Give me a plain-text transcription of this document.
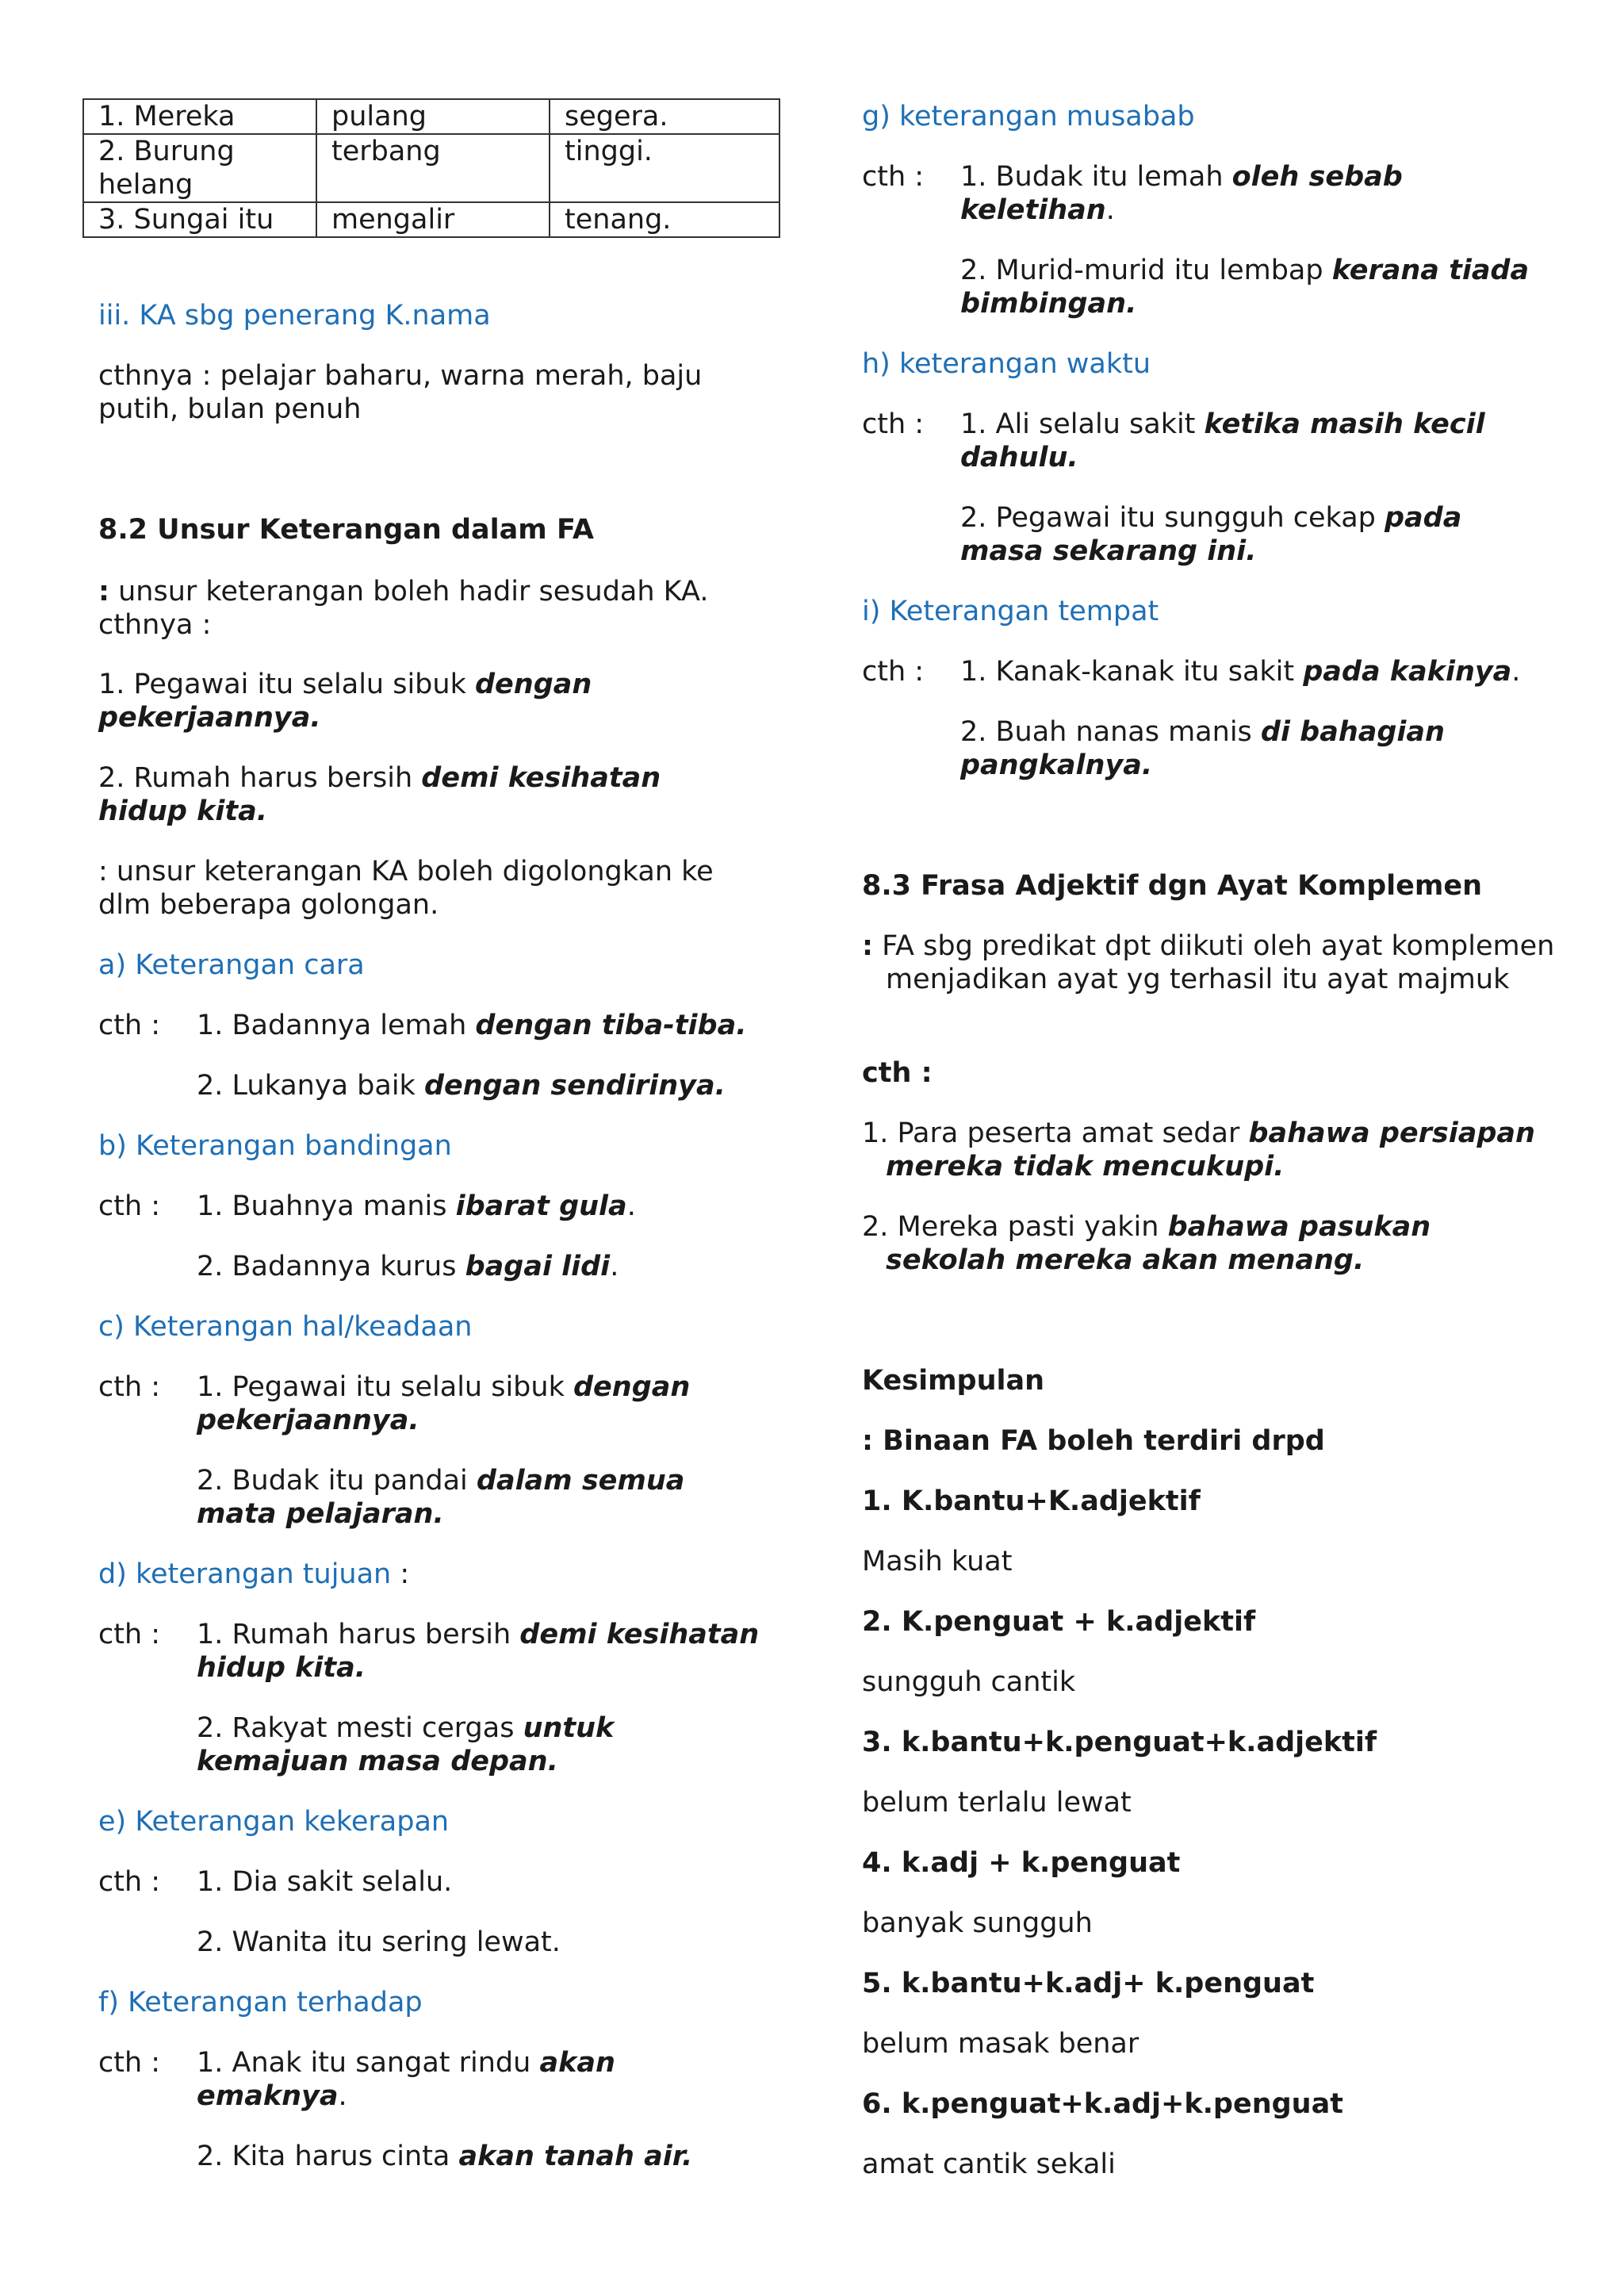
1. Mereka	pulang	segera.
2. Burung helang	terbang	tinggi.
3. Sungai itu	mengalir	tenang.

iii. KA sbg penerang K.nama

cthnya : pelajar baharu, warna merah, baju putih, bulan penuh

8.2 Unsur Keterangan dalam FA

: unsur keterangan boleh hadir sesudah KA. cthnya :

1. Pegawai itu selalu sibuk dengan pekerjaannya.

2. Rumah harus bersih demi kesihatan hidup kita.

: unsur keterangan KA boleh digolongkan ke dlm beberapa golongan.

a) Keterangan cara

cth : 1. Badannya lemah dengan tiba-tiba.
2. Lukanya baik dengan sendirinya.

b) Keterangan bandingan

cth : 1. Buahnya manis ibarat gula.
2. Badannya kurus bagai lidi.

c) Keterangan hal/keadaan

cth : 1. Pegawai itu selalu sibuk dengan pekerjaannya.
2. Budak itu pandai dalam semua mata pelajaran.

d) keterangan tujuan :

cth : 1. Rumah harus bersih demi kesihatan hidup kita.
2. Rakyat mesti cergas untuk kemajuan masa depan.

e) Keterangan kekerapan

cth : 1. Dia sakit selalu.
2. Wanita itu sering lewat.

f) Keterangan terhadap

cth : 1. Anak itu sangat rindu akan emaknya.
2. Kita harus cinta akan tanah air.

g) keterangan musabab

cth : 1. Budak itu lemah oleh sebab keletihan.
2. Murid-murid itu lembap kerana tiada bimbingan.

h) keterangan waktu

cth : 1. Ali selalu sakit ketika masih kecil dahulu.
2. Pegawai itu sungguh cekap pada masa sekarang ini.

i) Keterangan tempat

cth : 1. Kanak-kanak itu sakit pada kakinya.
2. Buah nanas manis di bahagian pangkalnya.

8.3 Frasa Adjektif dgn Ayat Komplemen

: FA sbg predikat dpt diikuti oleh ayat komplemen menjadikan ayat yg terhasil itu ayat majmuk

cth :

1. Para peserta amat sedar bahawa persiapan mereka tidak mencukupi.

2. Mereka pasti yakin bahawa pasukan sekolah mereka akan menang.

Kesimpulan

: Binaan FA boleh terdiri drpd

1. K.bantu+K.adjektif

Masih kuat

2. K.penguat + k.adjektif

sungguh cantik

3. k.bantu+k.penguat+k.adjektif

belum terlalu lewat

4. k.adj + k.penguat

banyak sungguh

5. k.bantu+k.adj+ k.penguat

belum masak benar

6. k.penguat+k.adj+k.penguat

amat cantik sekali
